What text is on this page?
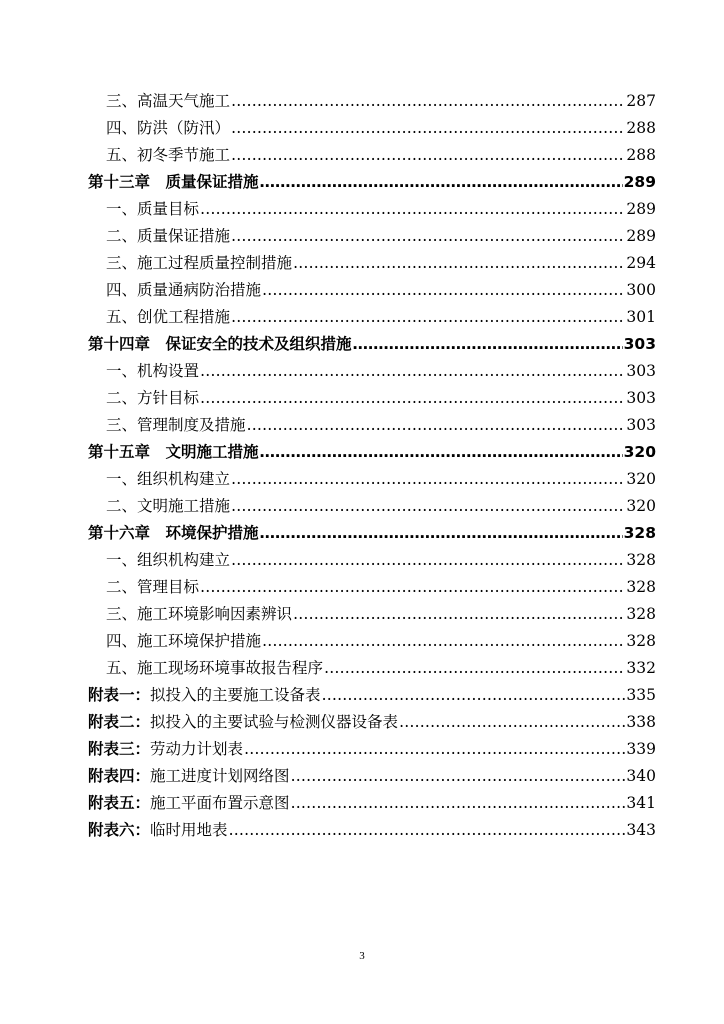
三、高温天气施工 ……………………………………………………………………………………………………………………………………………………………………	287
四、防洪（防汛） ……………………………………………………………………………………………………………………………………………………………………	288
五、初冬季节施工 ……………………………………………………………………………………………………………………………………………………………………	288
第十三章　质量保证措施 ……………………………………………………………………………………………………………………………………………………………………	289
一、质量目标 ……………………………………………………………………………………………………………………………………………………………………	289
二、质量保证措施 ……………………………………………………………………………………………………………………………………………………………………	289
三、施工过程质量控制措施 ……………………………………………………………………………………………………………………………………………………………………	294
四、质量通病防治措施 ……………………………………………………………………………………………………………………………………………………………………	300
五、创优工程措施 ……………………………………………………………………………………………………………………………………………………………………	301
第十四章　保证安全的技术及组织措施 ……………………………………………………………………………………………………………………………………………………………………	303
一、机构设置 ……………………………………………………………………………………………………………………………………………………………………	303
二、方针目标 ……………………………………………………………………………………………………………………………………………………………………	303
三、管理制度及措施 ……………………………………………………………………………………………………………………………………………………………………	303
第十五章　文明施工措施 ……………………………………………………………………………………………………………………………………………………………………	320
一、组织机构建立 ……………………………………………………………………………………………………………………………………………………………………	320
二、文明施工措施 ……………………………………………………………………………………………………………………………………………………………………	320
第十六章　环境保护措施 ……………………………………………………………………………………………………………………………………………………………………	328
一、组织机构建立 ……………………………………………………………………………………………………………………………………………………………………	328
二、管理目标 ……………………………………………………………………………………………………………………………………………………………………	328
三、施工环境影响因素辨识 ……………………………………………………………………………………………………………………………………………………………………	328
四、施工环境保护措施 ……………………………………………………………………………………………………………………………………………………………………	328
五、施工现场环境事故报告程序 ……………………………………………………………………………………………………………………………………………………………………	332
附表一：拟投入的主要施工设备表 ……………………………………………………………………………………………………………………………………………………………………	335
附表二：拟投入的主要试验与检测仪器设备表 ……………………………………………………………………………………………………………………………………………………………………	338
附表三：劳动力计划表 ……………………………………………………………………………………………………………………………………………………………………	339
附表四：施工进度计划网络图 ……………………………………………………………………………………………………………………………………………………………………	340
附表五：施工平面布置示意图 ……………………………………………………………………………………………………………………………………………………………………	341
附表六：临时用地表 ……………………………………………………………………………………………………………………………………………………………………	343
3
